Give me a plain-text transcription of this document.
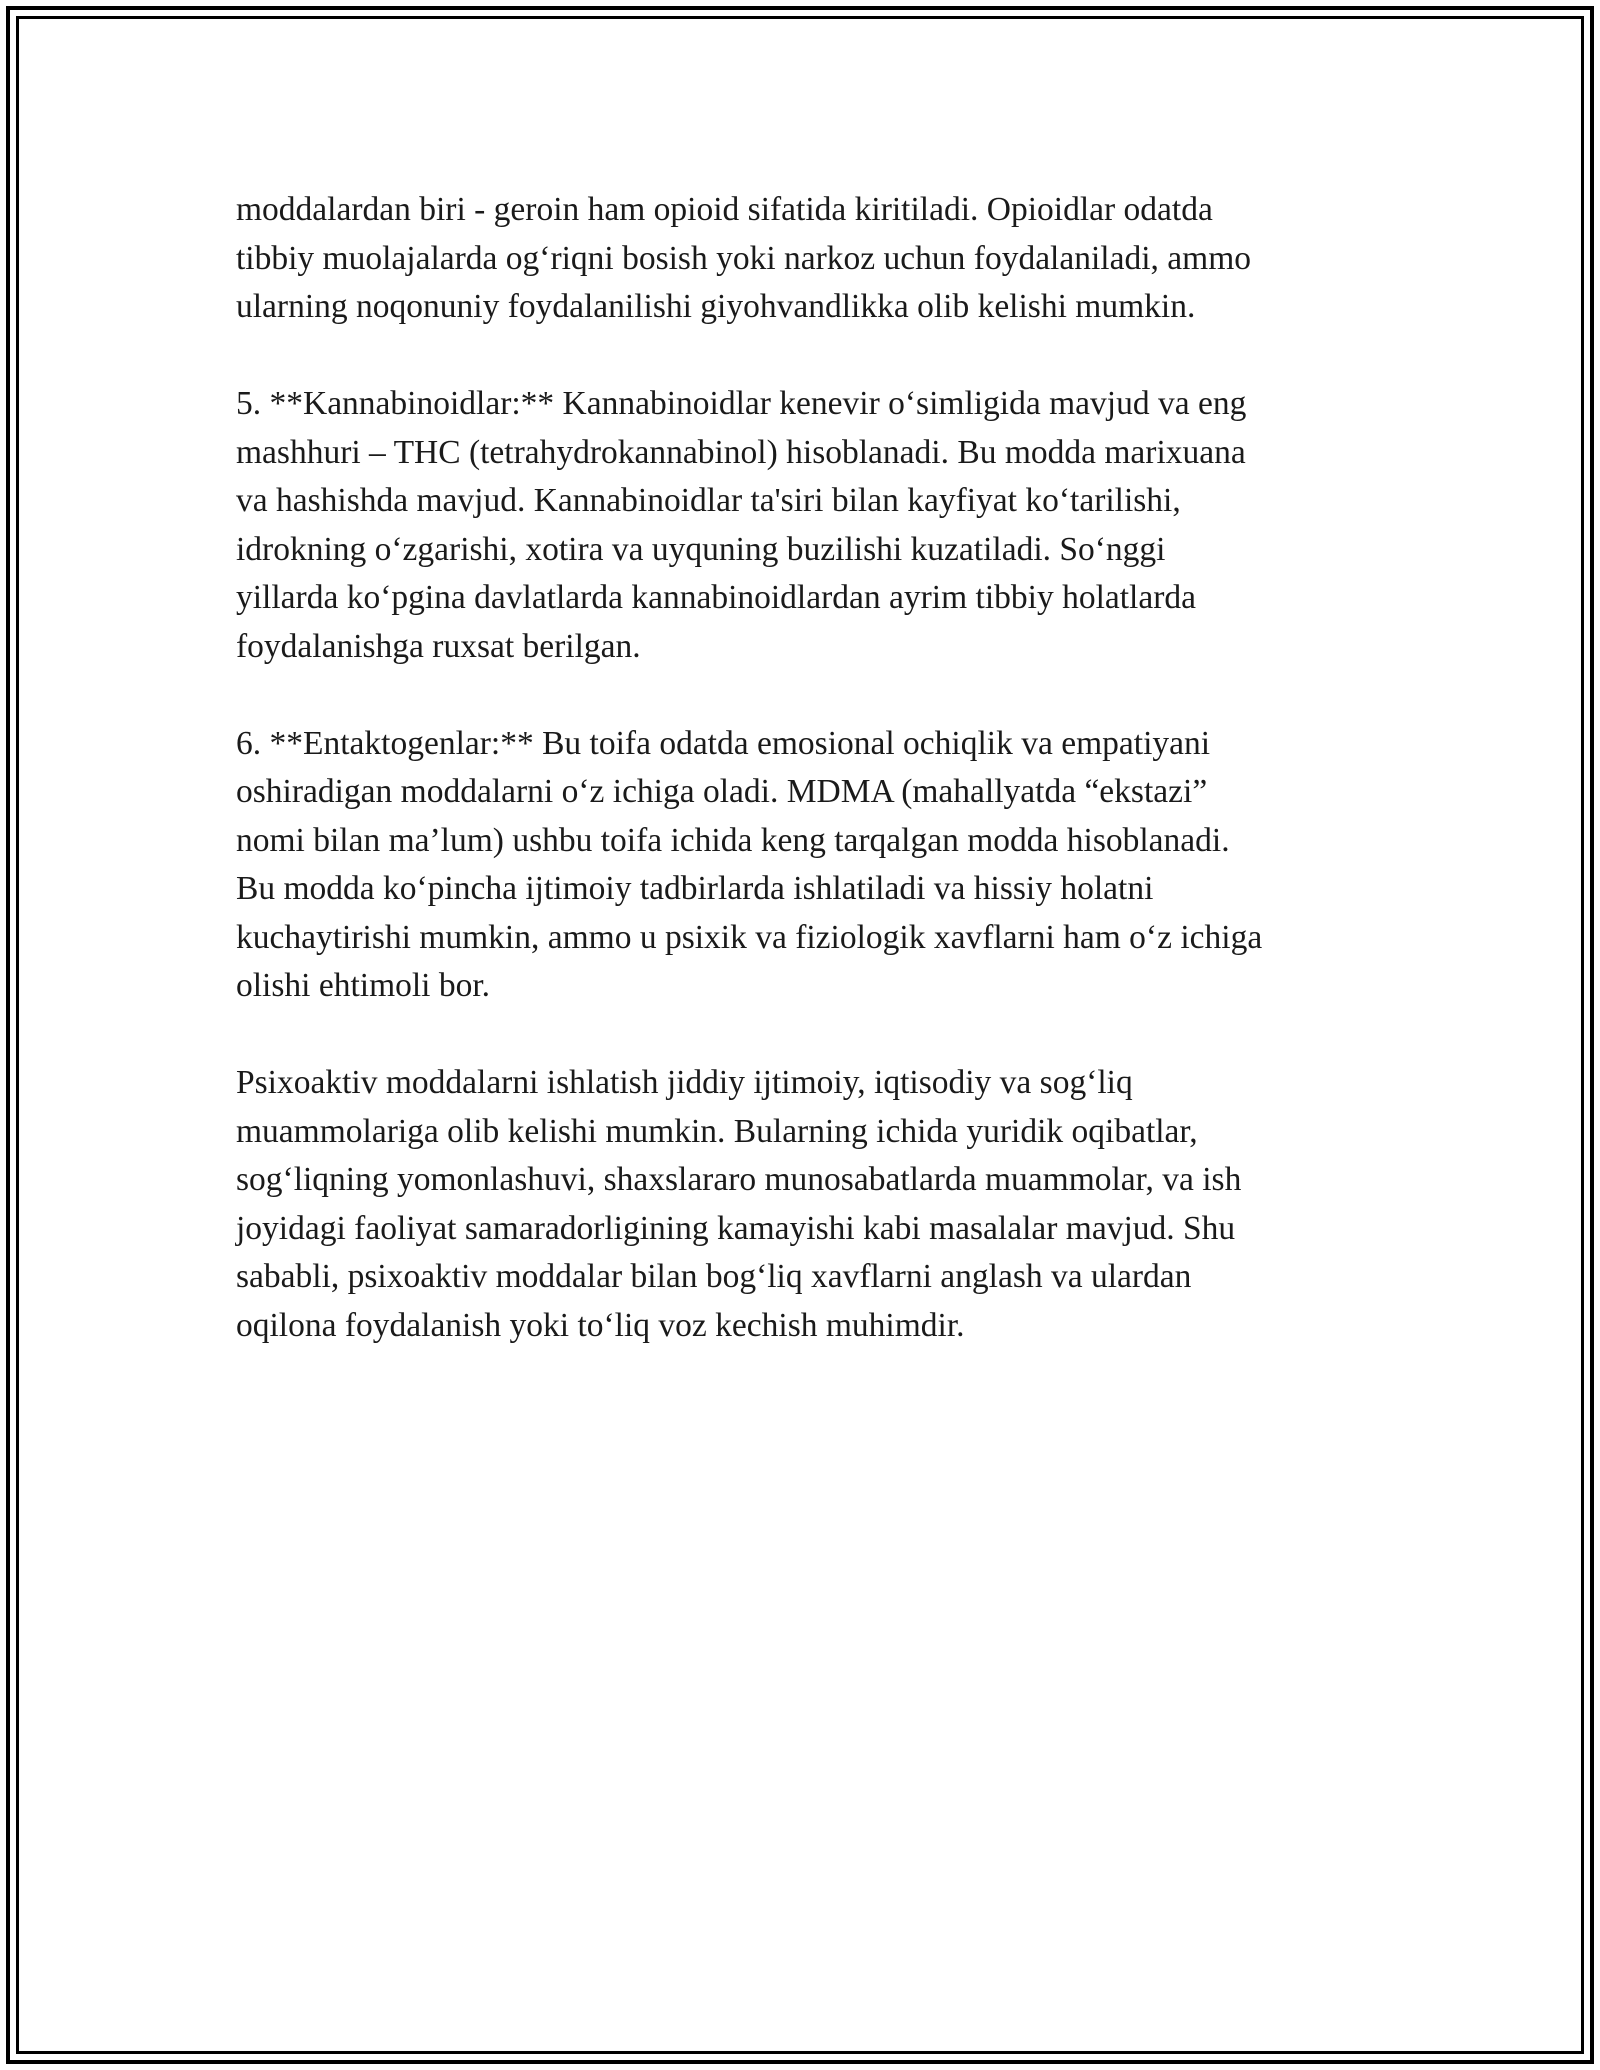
moddalardan biri - geroin ham opioid sifatida kiritiladi. Opioidlar odatda
tibbiy muolajalarda og‘riqni bosish yoki narkoz uchun foydalaniladi, ammo
ularning noqonuniy foydalanilishi giyohvandlikka olib kelishi mumkin.

5. **Kannabinoidlar:** Kannabinoidlar kenevir o‘simligida mavjud va eng
mashhuri – THC (tetrahydrokannabinol) hisoblanadi. Bu modda marixuana
va hashishda mavjud. Kannabinoidlar ta'siri bilan kayfiyat ko‘tarilishi,
idrokning o‘zgarishi, xotira va uyquning buzilishi kuzatiladi. So‘nggi
yillarda ko‘pgina davlatlarda kannabinoidlardan ayrim tibbiy holatlarda
foydalanishga ruxsat berilgan.

6. **Entaktogenlar:** Bu toifa odatda emosional ochiqlik va empatiyani
oshiradigan moddalarni o‘z ichiga oladi. MDMA (mahallyatda “ekstazi”
nomi bilan ma’lum) ushbu toifa ichida keng tarqalgan modda hisoblanadi.
Bu modda ko‘pincha ijtimoiy tadbirlarda ishlatiladi va hissiy holatni
kuchaytirishi mumkin, ammo u psixik va fiziologik xavflarni ham o‘z ichiga
olishi ehtimoli bor.

Psixoaktiv moddalarni ishlatish jiddiy ijtimoiy, iqtisodiy va sog‘liq
muammolariga olib kelishi mumkin. Bularning ichida yuridik oqibatlar,
sog‘liqning yomonlashuvi, shaxslararo munosabatlarda muammolar, va ish
joyidagi faoliyat samaradorligining kamayishi kabi masalalar mavjud. Shu
sababli, psixoaktiv moddalar bilan bog‘liq xavflarni anglash va ulardan
oqilona foydalanish yoki to‘liq voz kechish muhimdir.
